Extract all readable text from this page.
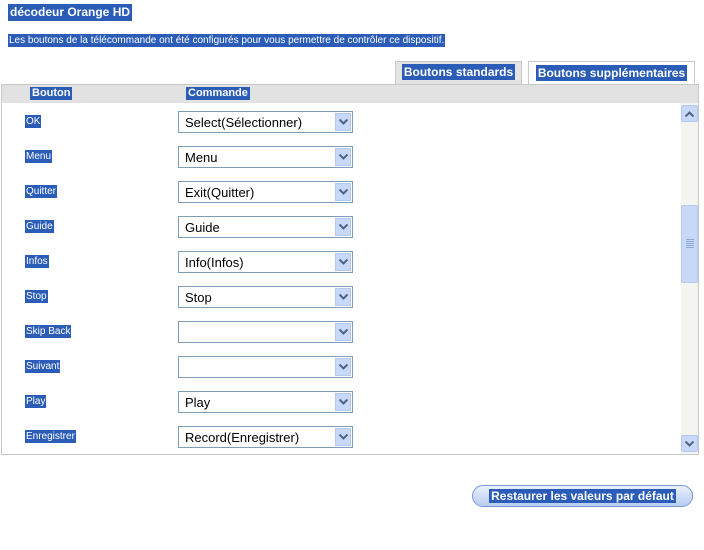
décodeur Orange HD
Les boutons de la télécommande ont été configurés pour vous permettre de contrôler ce dispositif.
Boutons standards	Boutons supplémentaires
Bouton	Commande
OK	Select(Sélectionner)
Menu	Menu
Quitter	Exit(Quitter)
Guide	Guide
Infos	Info(Infos)
Stop	Stop
Skip Back
Suivant
Play	Play
Enregistrer	Record(Enregistrer)
Restaurer les valeurs par défaut
